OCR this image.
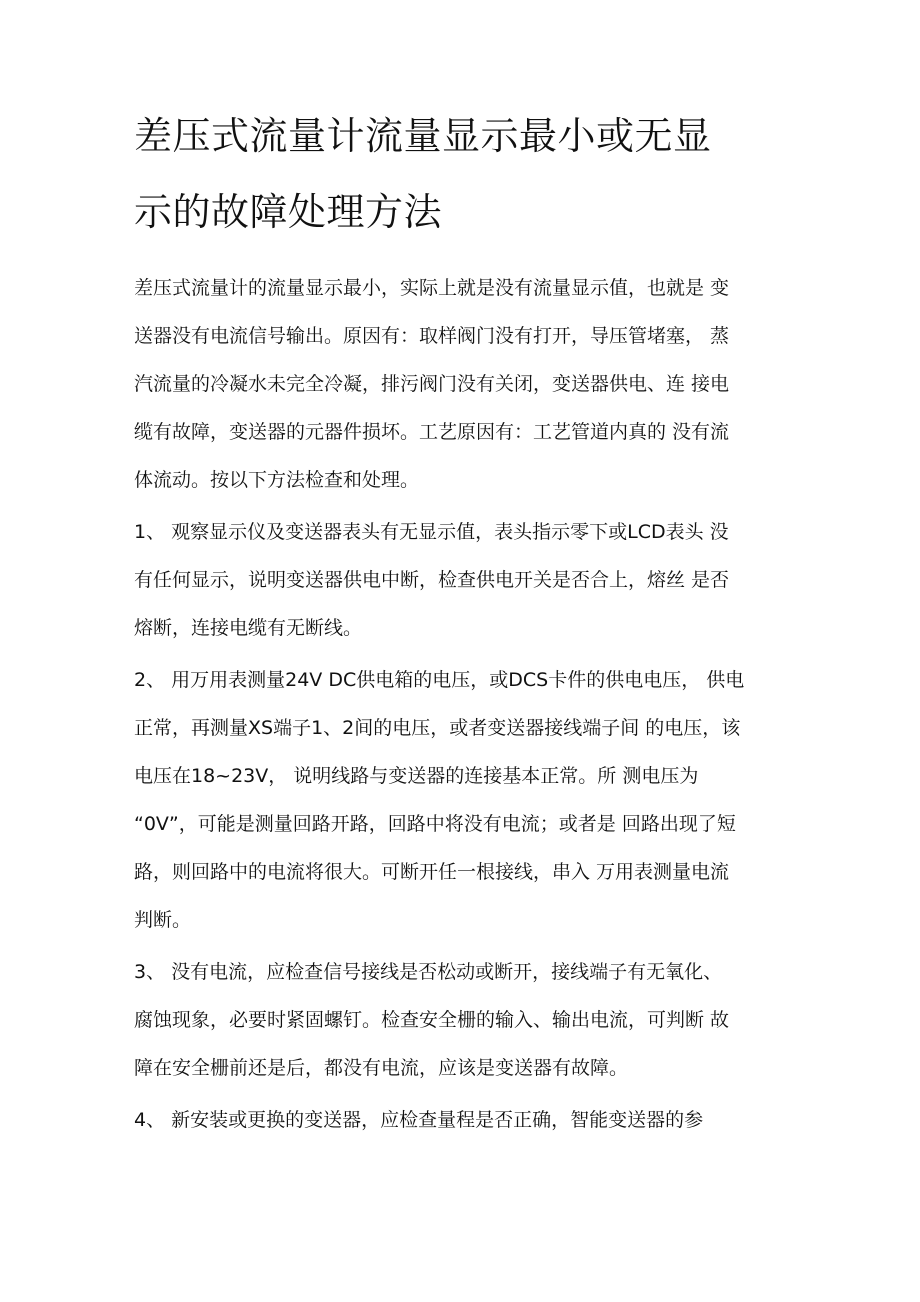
差压式流量计流量显示最小或无显
示的故障处理方法
差压式流量计的流量显示最小，实际上就是没有流量显示值，也就是 变
送器没有电流信号输出。原因有：取样阀门没有打开，导压管堵塞， 蒸
汽流量的冷凝水未完全冷凝，排污阀门没有关闭，变送器供电、连 接电
缆有故障，变送器的元器件损坏。工艺原因有：工艺管道内真的 没有流
体流动。按以下方法检查和处理。
1、 观察显示仪及变送器表头有无显示值，表头指示零下或LCD表头 没
有任何显示，说明变送器供电中断，检查供电开关是否合上，熔丝 是否
熔断，连接电缆有无断线。
2、 用万用表测量24V DC供电箱的电压，或DCS卡件的供电电压， 供电
正常，再测量XS端子1、2间的电压，或者变送器接线端子间 的电压，该
电压在18~23V， 说明线路与变送器的连接基本正常。所 测电压为
“0V”，可能是测量回路开路，回路中将没有电流；或者是 回路出现了短
路，则回路中的电流将很大。可断开任一根接线，串入 万用表测量电流
判断。
3、 没有电流，应检查信号接线是否松动或断开，接线端子有无氧化、
腐蚀现象，必要时紧固螺钉。检查安全栅的输入、输出电流，可判断 故
障在安全栅前还是后，都没有电流，应该是变送器有故障。
4、 新安装或更换的变送器，应检查量程是否正确，智能变送器的参
